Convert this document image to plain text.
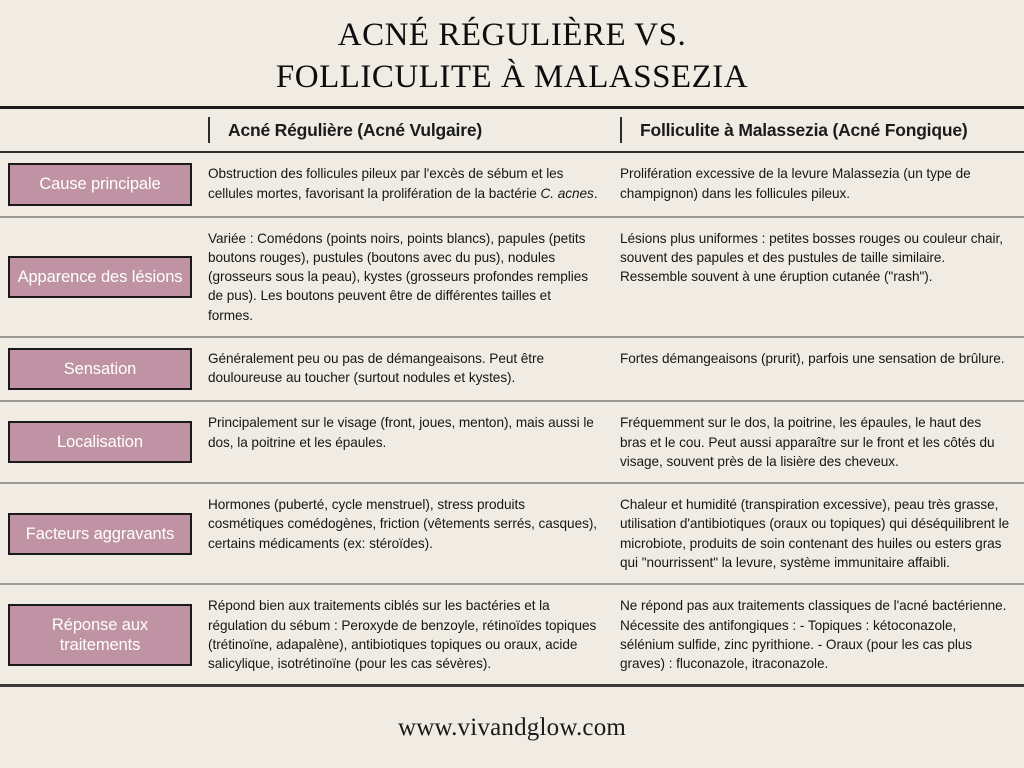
ACNÉ RÉGULIÈRE VS.
FOLLICULITE À MALASSEZIA
Acné Régulière (Acné Vulgaire)	Folliculite à Malassezia (Acné Fongique)
Cause principale
Obstruction des follicules pileux par l'excès de sébum et les cellules mortes, favorisant la prolifération de la bactérie C. acnes.
Prolifération excessive de la levure Malassezia (un type de champignon) dans les follicules pileux.
Apparence des lésions
Variée : Comédons (points noirs, points blancs), papules (petits boutons rouges), pustules (boutons avec du pus), nodules (grosseurs sous la peau), kystes (grosseurs profondes remplies de pus). Les boutons peuvent être de différentes tailles et formes.
Lésions plus uniformes : petites bosses rouges ou couleur chair, souvent des papules et des pustules de taille similaire. Ressemble souvent à une éruption cutanée ("rash").
Sensation
Généralement peu ou pas de démangeaisons. Peut être douloureuse au toucher (surtout nodules et kystes).
Fortes démangeaisons (prurit), parfois une sensation de brûlure.
Localisation
Principalement sur le visage (front, joues, menton), mais aussi le dos, la poitrine et les épaules.
Fréquemment sur le dos, la poitrine, les épaules, le haut des bras et le cou. Peut aussi apparaître sur le front et les côtés du visage, souvent près de la lisière des cheveux.
Facteurs aggravants
Hormones (puberté, cycle menstruel), stress produits cosmétiques comédogènes, friction (vêtements serrés, casques), certains médicaments (ex: stéroïdes).
Chaleur et humidité (transpiration excessive), peau très grasse, utilisation d'antibiotiques (oraux ou topiques) qui déséquilibrent le microbiote, produits de soin contenant des huiles ou esters gras qui "nourrissent" la levure, système immunitaire affaibli.
Réponse aux traitements
Répond bien aux traitements ciblés sur les bactéries et la régulation du sébum : Peroxyde de benzoyle, rétinoïdes topiques (trétinoïne, adapalène), antibiotiques topiques ou oraux, acide salicylique, isotrétinoïne (pour les cas sévères).
Ne répond pas aux traitements classiques de l'acné bactérienne. Nécessite des antifongiques : - Topiques : kétoconazole, sélénium sulfide, zinc pyrithione. - Oraux (pour les cas plus graves) : fluconazole, itraconazole.
www.vivandglow.com
